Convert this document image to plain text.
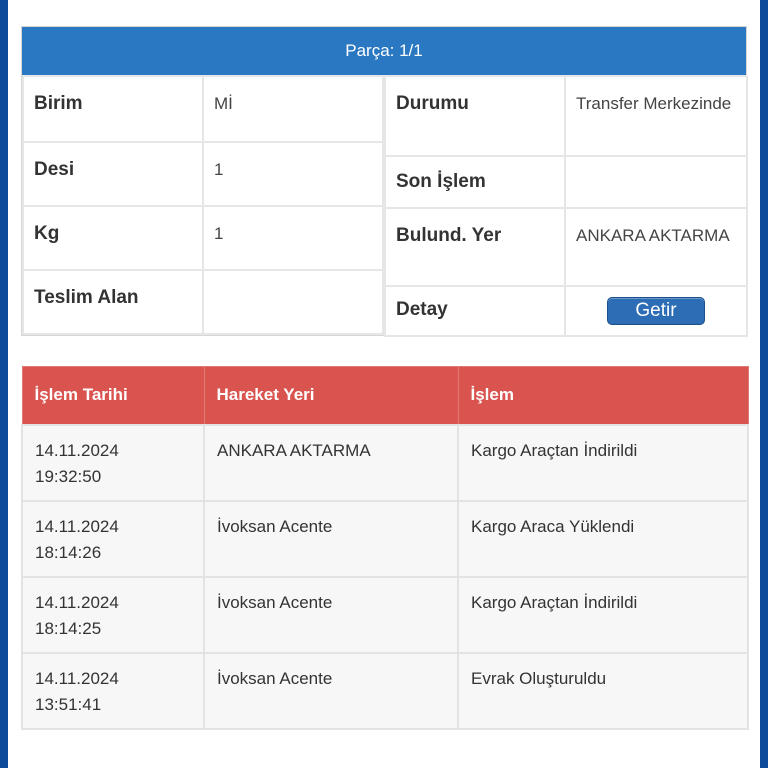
Parça: 1/1
Birim	Mİ
Desi	1
Kg	1
Teslim Alan	
Durumu	Transfer Merkezinde
Son İşlem	
Bulund. Yer	ANKARA AKTARMA
Detay	Getir
İşlem Tarihi	Hareket Yeri	İşlem
14.11.2024
19:32:50	ANKARA AKTARMA	Kargo Araçtan İndirildi
14.11.2024
18:14:26	İvoksan Acente	Kargo Araca Yüklendi
14.11.2024
18:14:25	İvoksan Acente	Kargo Araçtan İndirildi
14.11.2024
13:51:41	İvoksan Acente	Evrak Oluşturuldu
